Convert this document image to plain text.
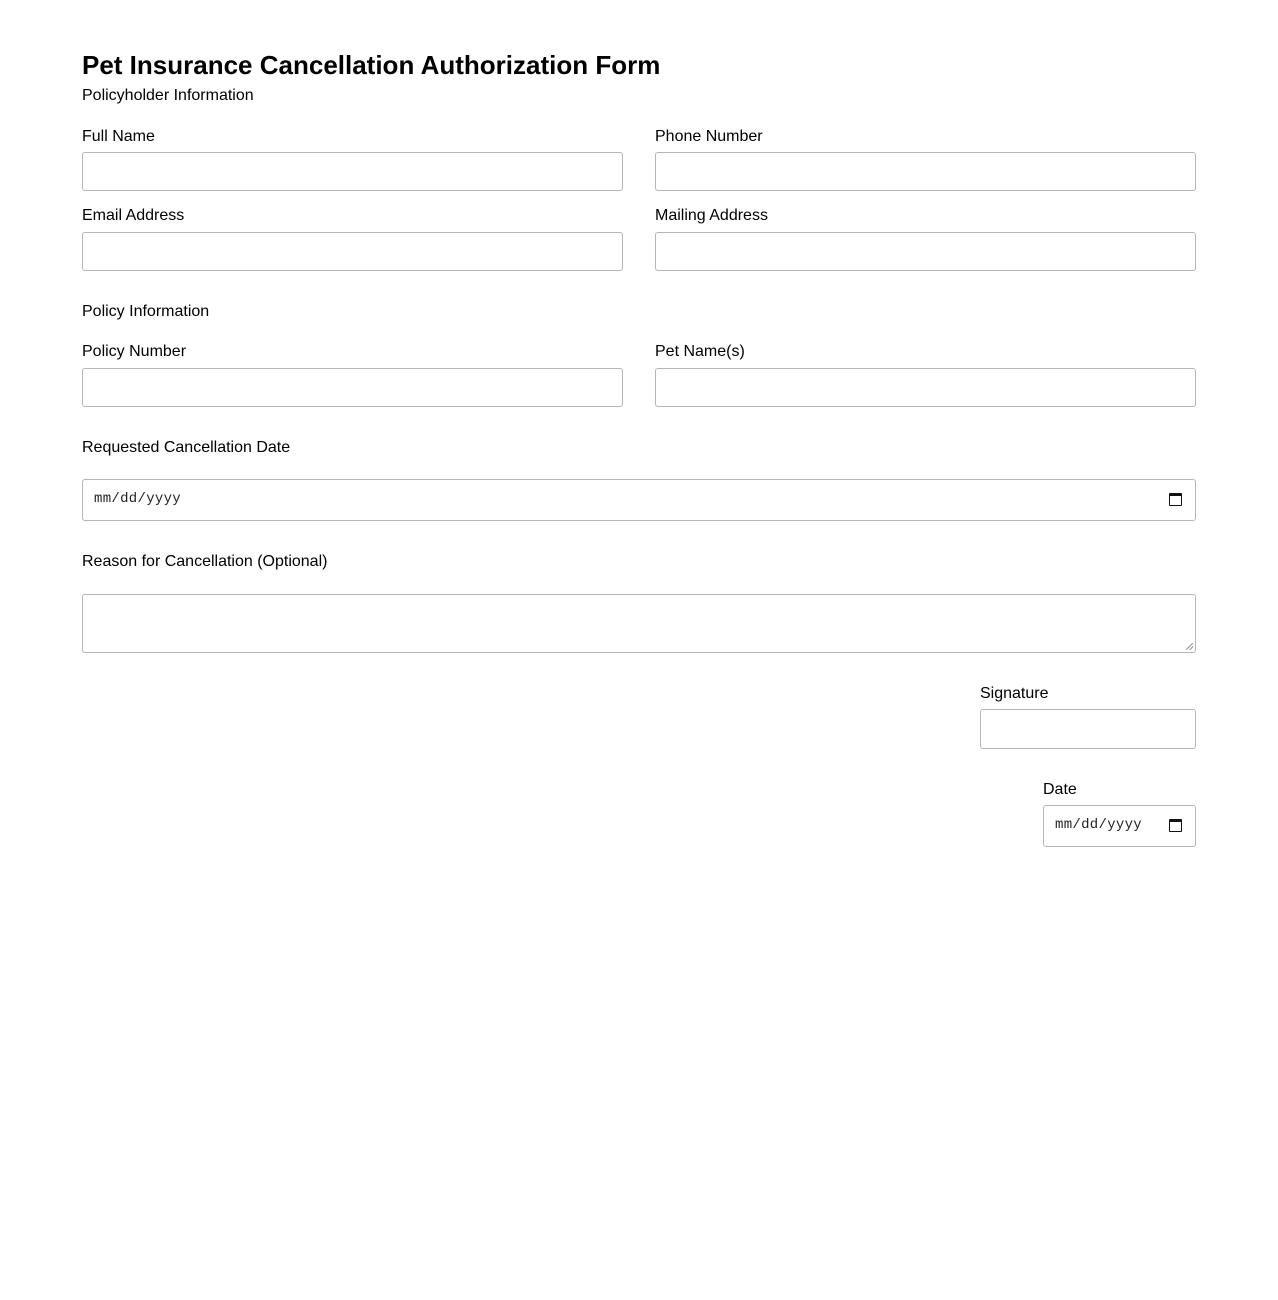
Pet Insurance Cancellation Authorization Form
Policyholder Information
Full Name	Phone Number
Email Address	Mailing Address
Policy Information
Policy Number	Pet Name(s)
Requested Cancellation Date
mm/dd/yyyy
Reason for Cancellation (Optional)
Signature
Date
mm/dd/yyyy
